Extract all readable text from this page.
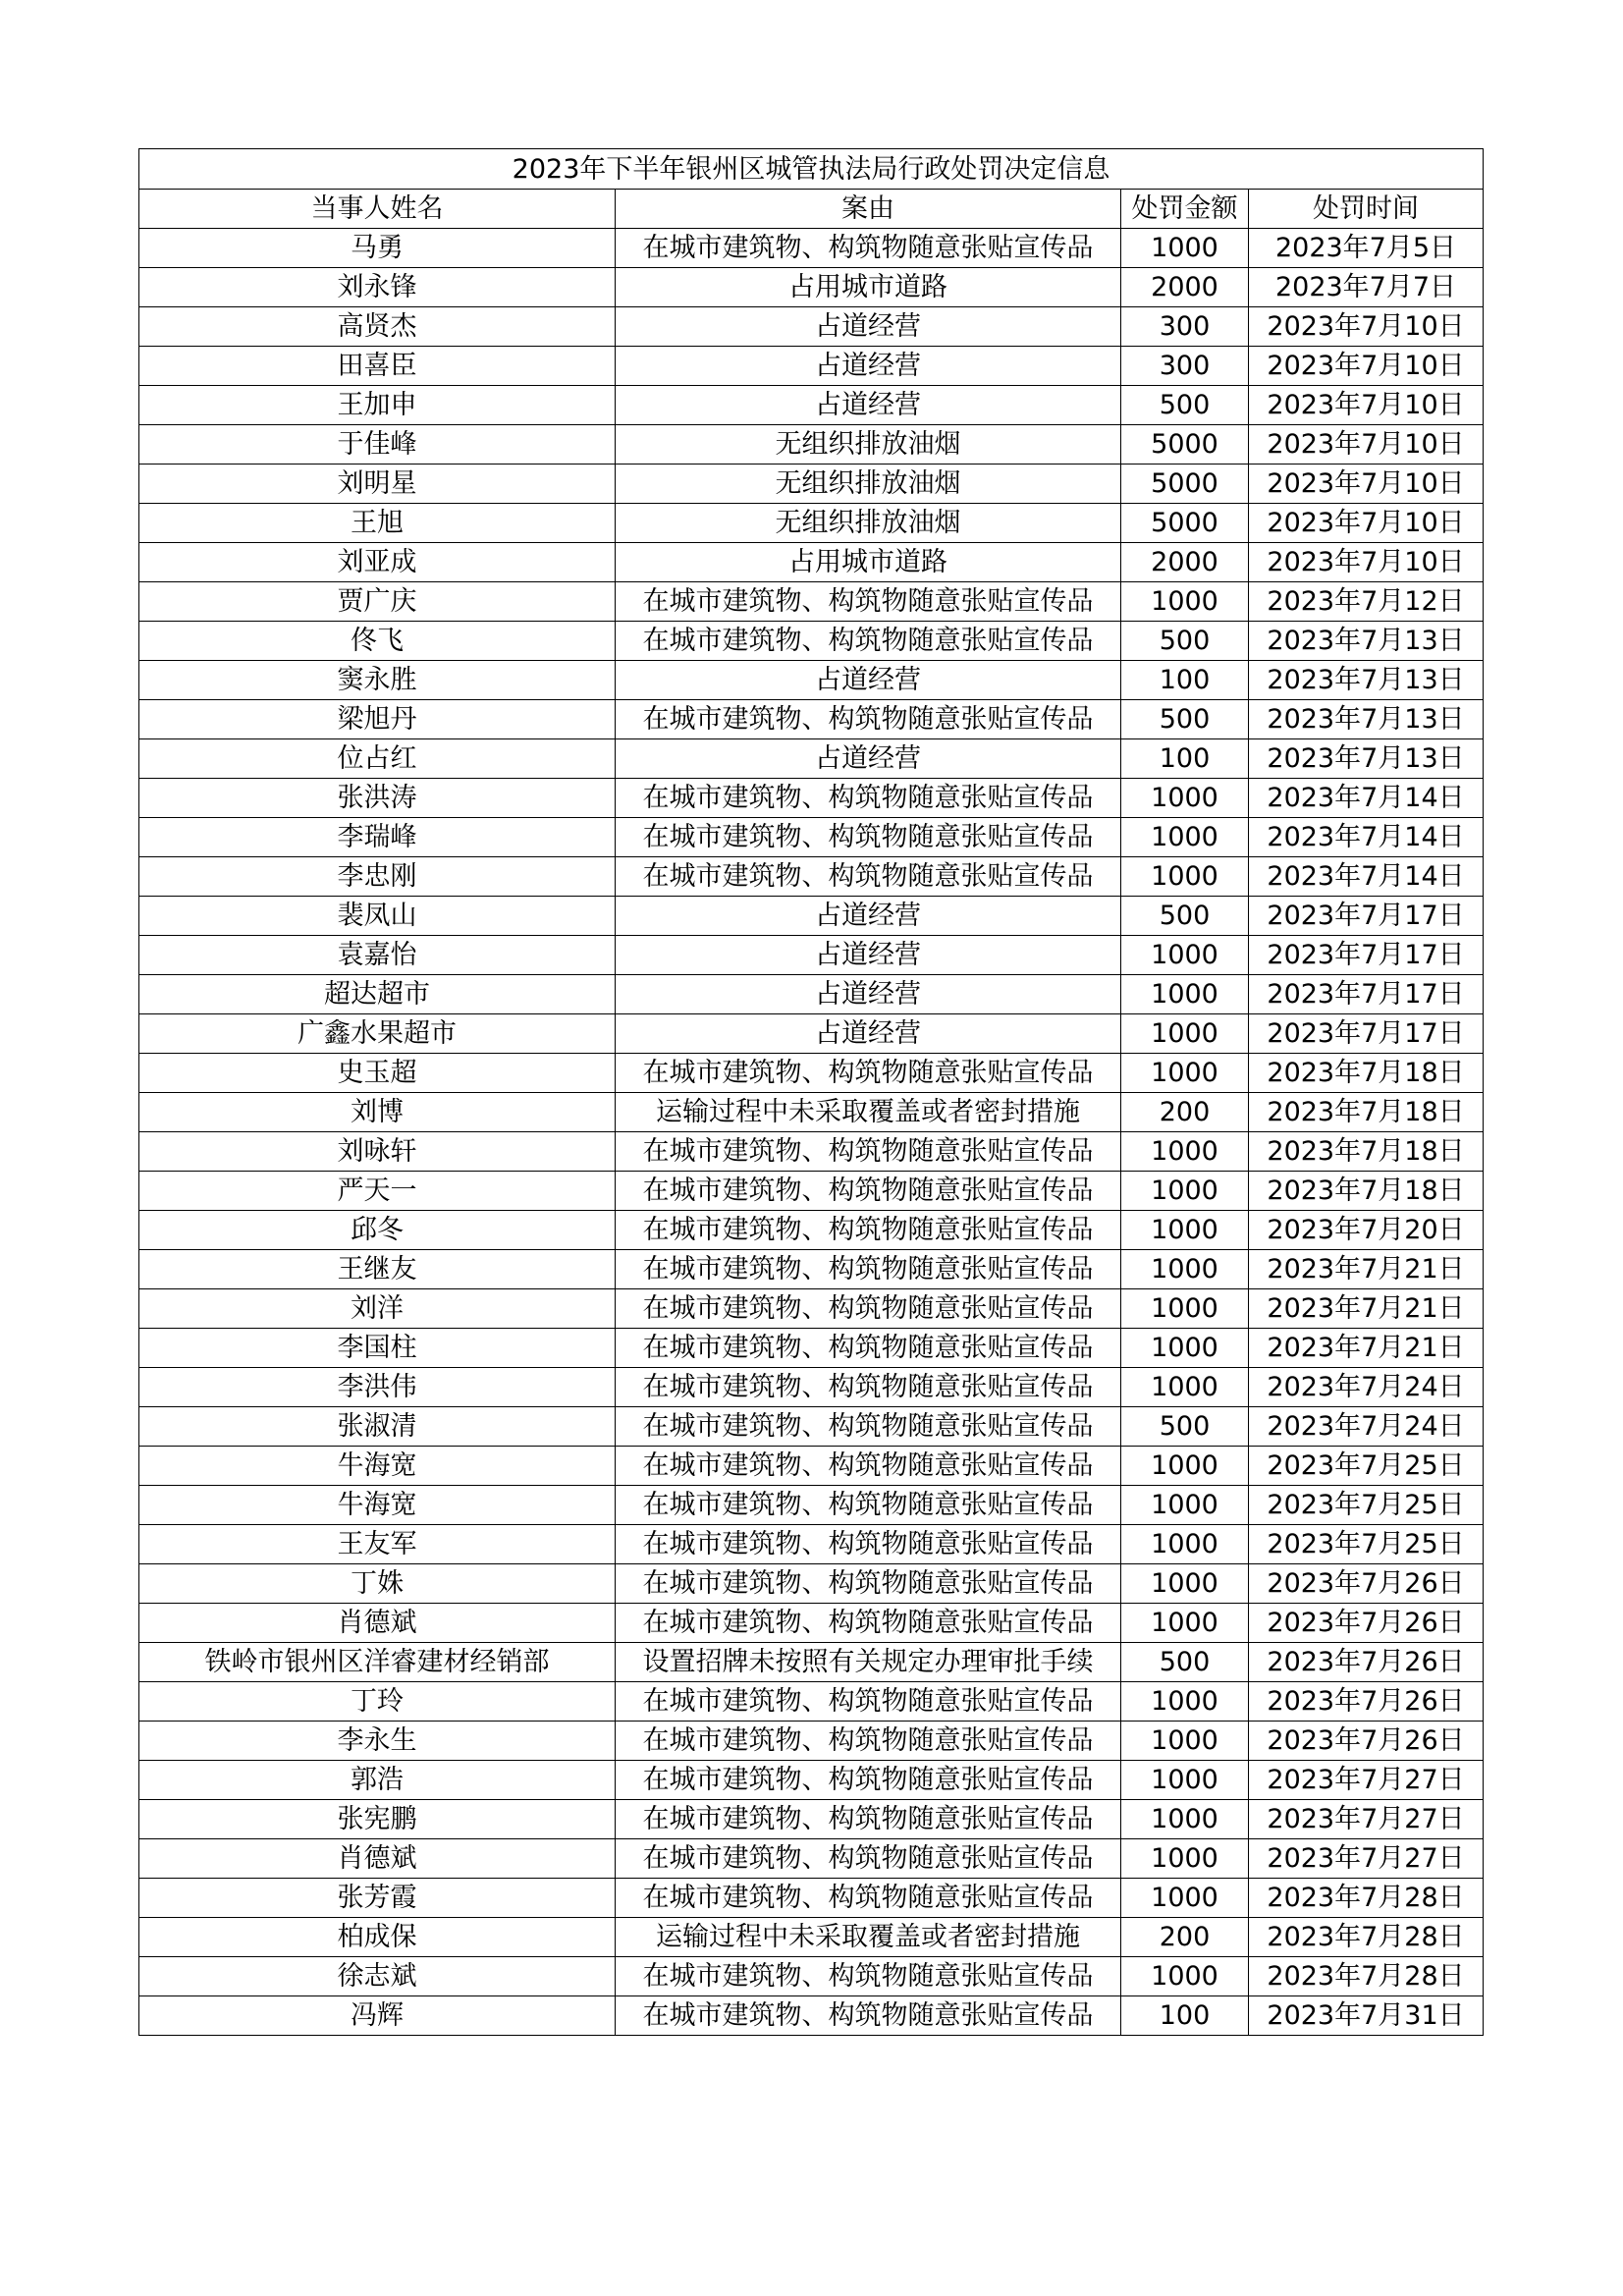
2023年下半年银州区城管执法局行政处罚决定信息			
当事人姓名	案由	处罚金额	处罚时间
马勇	在城市建筑物、构筑物随意张贴宣传品	1000	2023年7月5日
刘永锋	占用城市道路	2000	2023年7月7日
高贤杰	占道经营	300	2023年7月10日
田喜臣	占道经营	300	2023年7月10日
王加申	占道经营	500	2023年7月10日
于佳峰	无组织排放油烟	5000	2023年7月10日
刘明星	无组织排放油烟	5000	2023年7月10日
王旭	无组织排放油烟	5000	2023年7月10日
刘亚成	占用城市道路	2000	2023年7月10日
贾广庆	在城市建筑物、构筑物随意张贴宣传品	1000	2023年7月12日
佟飞	在城市建筑物、构筑物随意张贴宣传品	500	2023年7月13日
窦永胜	占道经营	100	2023年7月13日
梁旭丹	在城市建筑物、构筑物随意张贴宣传品	500	2023年7月13日
位占红	占道经营	100	2023年7月13日
张洪涛	在城市建筑物、构筑物随意张贴宣传品	1000	2023年7月14日
李瑞峰	在城市建筑物、构筑物随意张贴宣传品	1000	2023年7月14日
李忠刚	在城市建筑物、构筑物随意张贴宣传品	1000	2023年7月14日
裴凤山	占道经营	500	2023年7月17日
袁嘉怡	占道经营	1000	2023年7月17日
超达超市	占道经营	1000	2023年7月17日
广鑫水果超市	占道经营	1000	2023年7月17日
史玉超	在城市建筑物、构筑物随意张贴宣传品	1000	2023年7月18日
刘博	运输过程中未采取覆盖或者密封措施	200	2023年7月18日
刘咏轩	在城市建筑物、构筑物随意张贴宣传品	1000	2023年7月18日
严天一	在城市建筑物、构筑物随意张贴宣传品	1000	2023年7月18日
邱冬	在城市建筑物、构筑物随意张贴宣传品	1000	2023年7月20日
王继友	在城市建筑物、构筑物随意张贴宣传品	1000	2023年7月21日
刘洋	在城市建筑物、构筑物随意张贴宣传品	1000	2023年7月21日
李国柱	在城市建筑物、构筑物随意张贴宣传品	1000	2023年7月21日
李洪伟	在城市建筑物、构筑物随意张贴宣传品	1000	2023年7月24日
张淑清	在城市建筑物、构筑物随意张贴宣传品	500	2023年7月24日
牛海宽	在城市建筑物、构筑物随意张贴宣传品	1000	2023年7月25日
牛海宽	在城市建筑物、构筑物随意张贴宣传品	1000	2023年7月25日
王友军	在城市建筑物、构筑物随意张贴宣传品	1000	2023年7月25日
丁姝	在城市建筑物、构筑物随意张贴宣传品	1000	2023年7月26日
肖德斌	在城市建筑物、构筑物随意张贴宣传品	1000	2023年7月26日
铁岭市银州区洋睿建材经销部	设置招牌未按照有关规定办理审批手续	500	2023年7月26日
丁玲	在城市建筑物、构筑物随意张贴宣传品	1000	2023年7月26日
李永生	在城市建筑物、构筑物随意张贴宣传品	1000	2023年7月26日
郭浩	在城市建筑物、构筑物随意张贴宣传品	1000	2023年7月27日
张宪鹏	在城市建筑物、构筑物随意张贴宣传品	1000	2023年7月27日
肖德斌	在城市建筑物、构筑物随意张贴宣传品	1000	2023年7月27日
张芳霞	在城市建筑物、构筑物随意张贴宣传品	1000	2023年7月28日
柏成保	运输过程中未采取覆盖或者密封措施	200	2023年7月28日
徐志斌	在城市建筑物、构筑物随意张贴宣传品	1000	2023年7月28日
冯辉	在城市建筑物、构筑物随意张贴宣传品	100	2023年7月31日
